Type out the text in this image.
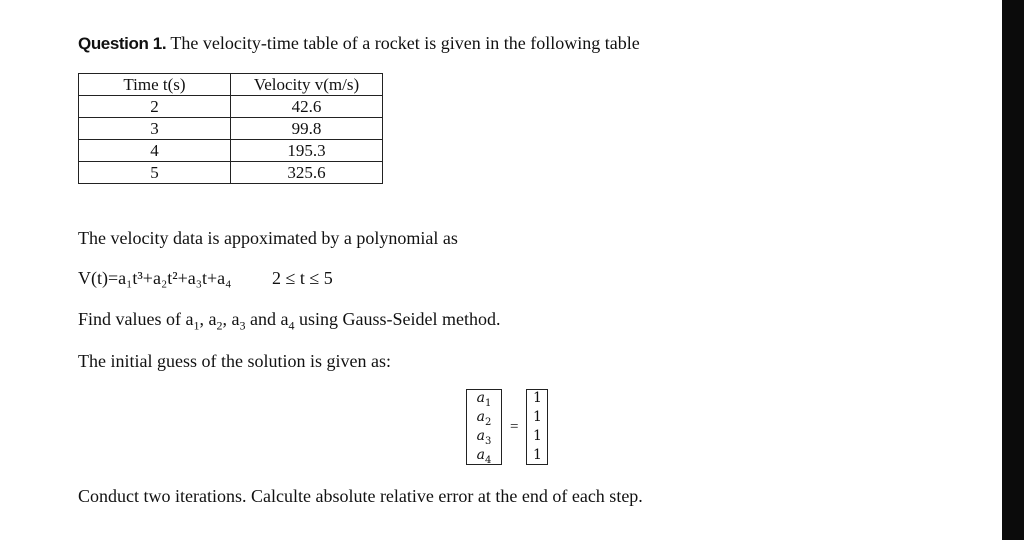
Question 1. The velocity-time table of a rocket is given in the following table
Time t(s)	Velocity v(m/s)
2	42.6
3	99.8
4	195.3
5	325.6
The velocity data is appoximated by a polynomial as
V(t)=a₁t³+a₂t²+a₃t+a₄ 2 ≤ t ≤ 5
Find values of $a_1$, $a_2$, $a_3$ and $a_4$ using Gauss-Seidel method.
The initial guess of the solution is given as:
$a_1$
$a_2$
$a_3$
$a_4$
=
1
1
1
1
Conduct two iterations. Calculte absolute relative error at the end of each step.
